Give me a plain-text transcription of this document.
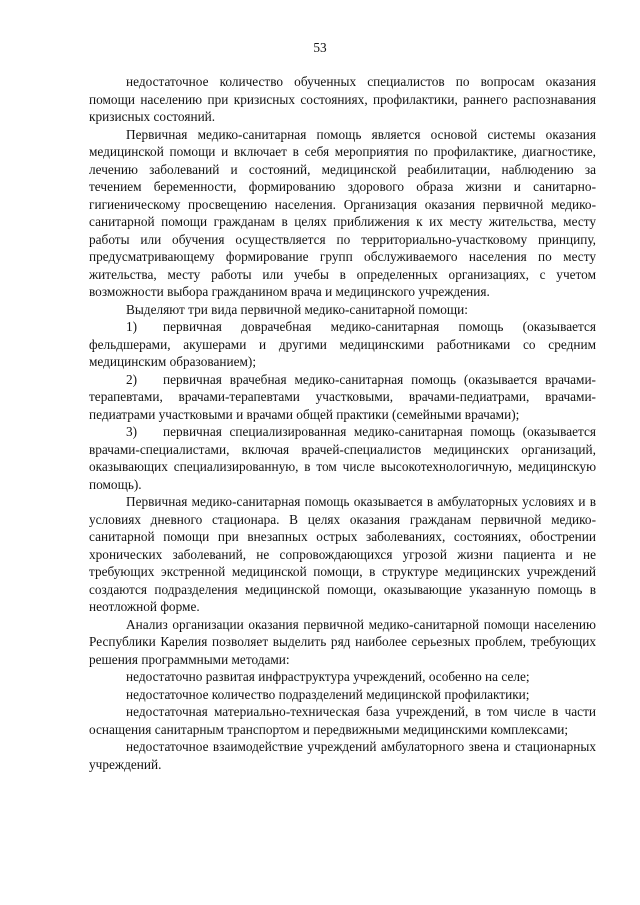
53

недостаточное количество обученных специалистов по вопросам оказания помощи населению при кризисных состояниях, профилактики, раннего распознавания кризисных состояний.

Первичная медико-санитарная помощь является основой системы оказания медицинской помощи и включает в себя мероприятия по профилактике, диагностике, лечению заболеваний и состояний, медицинской реабилитации, наблюдению за течением беременности, формированию здорового образа жизни и санитарно-гигиеническому просвещению населения. Организация оказания первичной медико-санитарной помощи гражданам в целях приближения к их месту жительства, месту работы или обучения осуществляется по территориально-участковому принципу, предусматривающему формирование групп обслуживаемого населения по месту жительства, месту работы или учебы в определенных организациях, с учетом возможности выбора гражданином врача и медицинского учреждения.

Выделяют три вида первичной медико-санитарной помощи:

1) первичная доврачебная медико-санитарная помощь (оказывается фельдшерами, акушерами и другими медицинскими работниками со средним медицинским образованием);

2) первичная врачебная медико-санитарная помощь (оказывается врачами-терапевтами, врачами-терапевтами участковыми, врачами-педиатрами, врачами-педиатрами участковыми и врачами общей практики (семейными врачами);

3) первичная специализированная медико-санитарная помощь (оказывается врачами-специалистами, включая врачей-специалистов медицинских организаций, оказывающих специализированную, в том числе высокотехнологичную, медицинскую помощь).

Первичная медико-санитарная помощь оказывается в амбулаторных условиях и в условиях дневного стационара. В целях оказания гражданам первичной медико-санитарной помощи при внезапных острых заболеваниях, состояниях, обострении хронических заболеваний, не сопровождающихся угрозой жизни пациента и не требующих экстренной медицинской помощи, в структуре медицинских учреждений создаются подразделения медицинской помощи, оказывающие указанную помощь в неотложной форме.

Анализ организации оказания первичной медико-санитарной помощи населению Республики Карелия позволяет выделить ряд наиболее серьезных проблем, требующих решения программными методами:

недостаточно развитая инфраструктура учреждений, особенно на селе;

недостаточное количество подразделений медицинской профилактики;

недостаточная материально-техническая база учреждений, в том числе в части оснащения санитарным транспортом и передвижными медицинскими комплексами;

недостаточное взаимодействие учреждений амбулаторного звена и стационарных учреждений.
